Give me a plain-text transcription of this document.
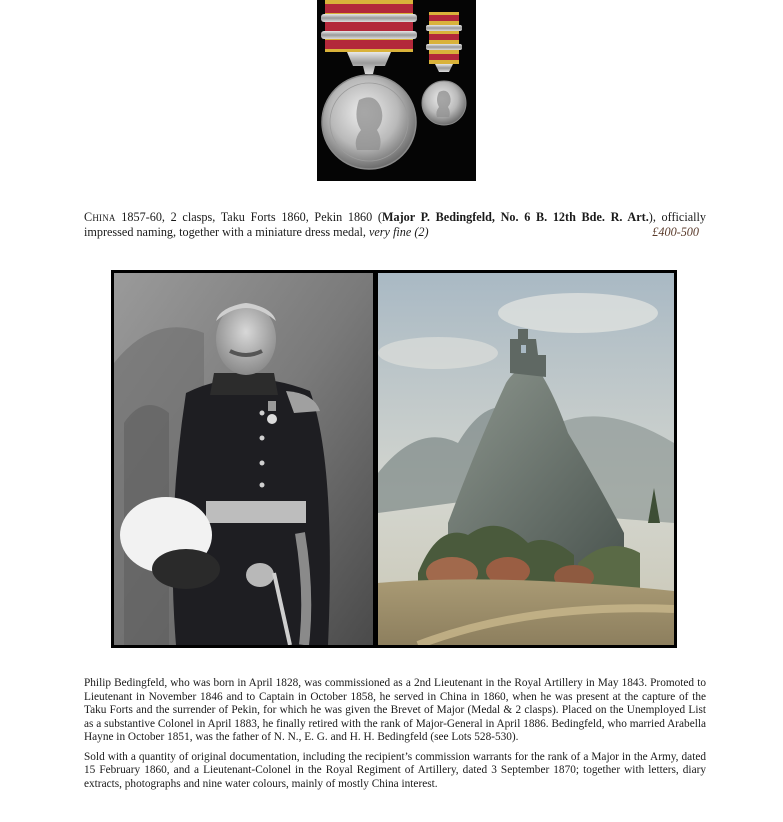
China 1857-60, 2 clasps, Taku Forts 1860, Pekin 1860 (Major P. Bedingfeld, No. 6 B. 12th Bde. R. Art.), officially impressed naming, together with a miniature dress medal, very fine (2)	£400-500

Philip Bedingfeld, who was born in April 1828, was commissioned as a 2nd Lieutenant in the Royal Artillery in May 1843. Promoted to Lieutenant in November 1846 and to Captain in October 1858, he served in China in 1860, when he was present at the capture of the Taku Forts and the surrender of Pekin, for which he was given the Brevet of Major (Medal & 2 clasps). Placed on the Unemployed List as a substantive Colonel in April 1883, he finally retired with the rank of Major-General in April 1886. Bedingfeld, who married Arabella Hayne in October 1851, was the father of N. N., E. G. and H. H. Bedingfeld (see Lots 528-530).

Sold with a quantity of original documentation, including the recipient’s commission warrants for the rank of a Major in the Army, dated 15 February 1860, and a Lieutenant-Colonel in the Royal Regiment of Artillery, dated 3 September 1870; together with letters, diary extracts, photographs and nine water colours, mainly of mostly China interest.
